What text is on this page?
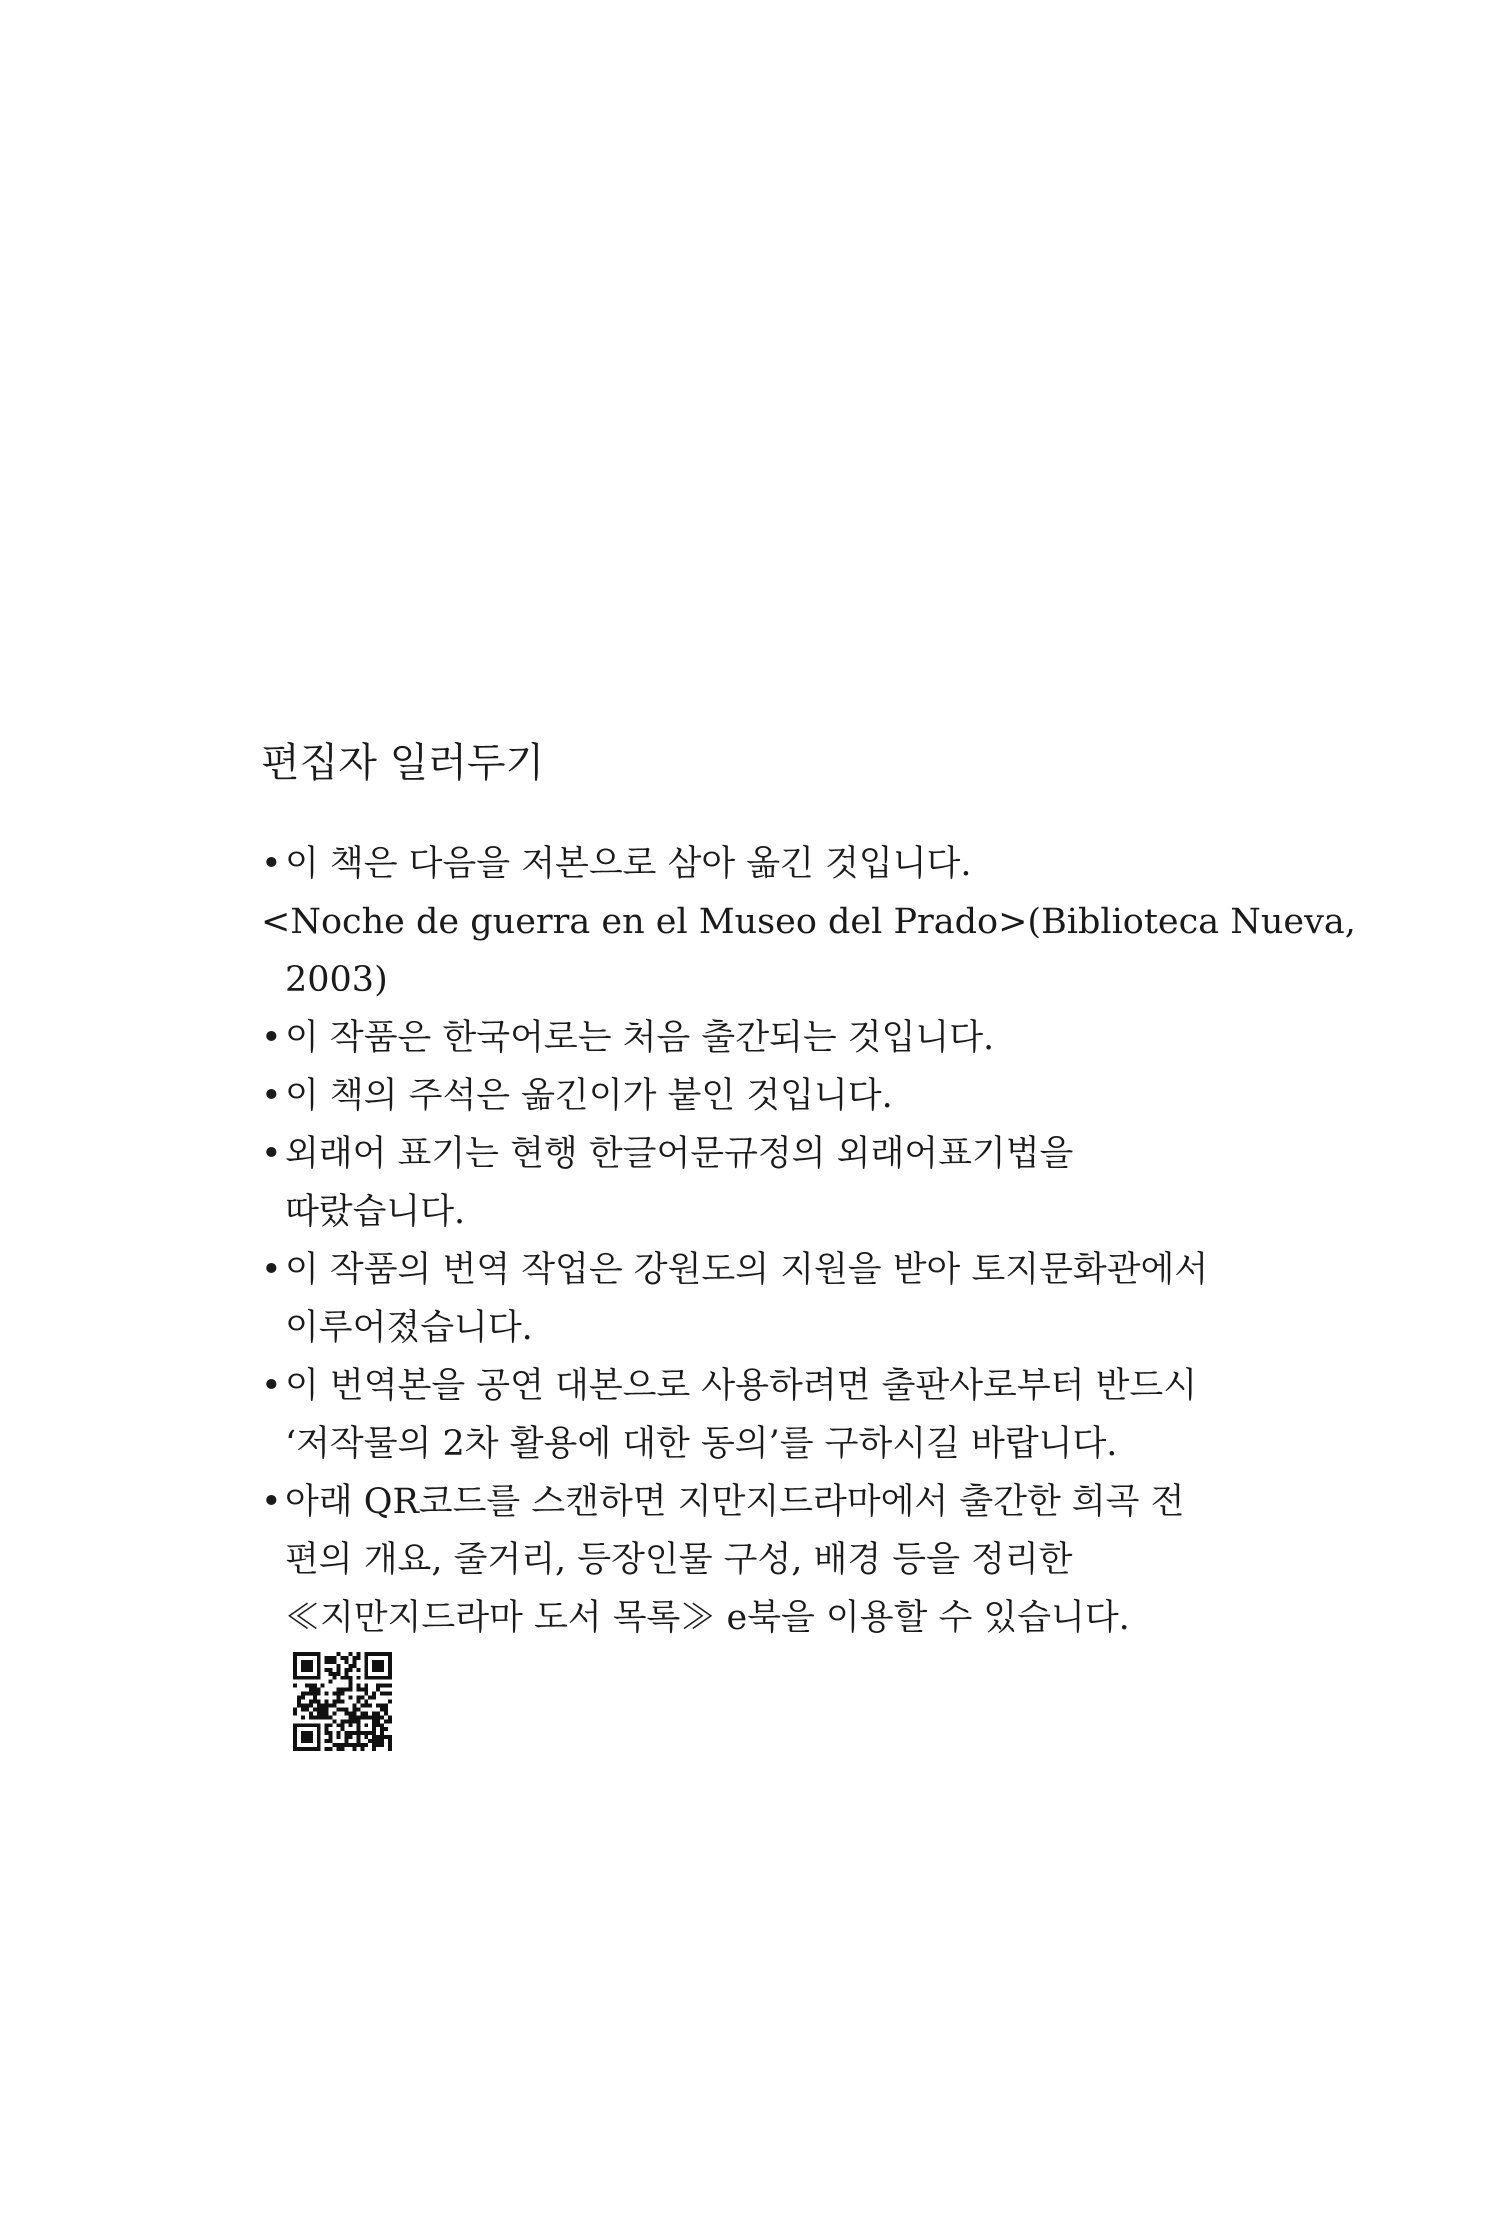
편집자 일러두기
• 이 책은 다음을 저본으로 삼아 옮긴 것입니다.
<Noche de guerra en el Museo del Prado>(Biblioteca Nueva,
2003)
• 이 작품은 한국어로는 처음 출간되는 것입니다.
• 이 책의 주석은 옮긴이가 붙인 것입니다.
• 외래어 표기는 현행 한글어문규정의 외래어표기법을
따랐습니다.
• 이 작품의 번역 작업은 강원도의 지원을 받아 토지문화관에서
이루어졌습니다.
• 이 번역본을 공연 대본으로 사용하려면 출판사로부터 반드시
‘저작물의 2차 활용에 대한 동의’를 구하시길 바랍니다.
• 아래 QR코드를 스캔하면 지만지드라마에서 출간한 희곡 전
편의 개요, 줄거리, 등장인물 구성, 배경 등을 정리한
≪지만지드라마 도서 목록≫ e북을 이용할 수 있습니다.
